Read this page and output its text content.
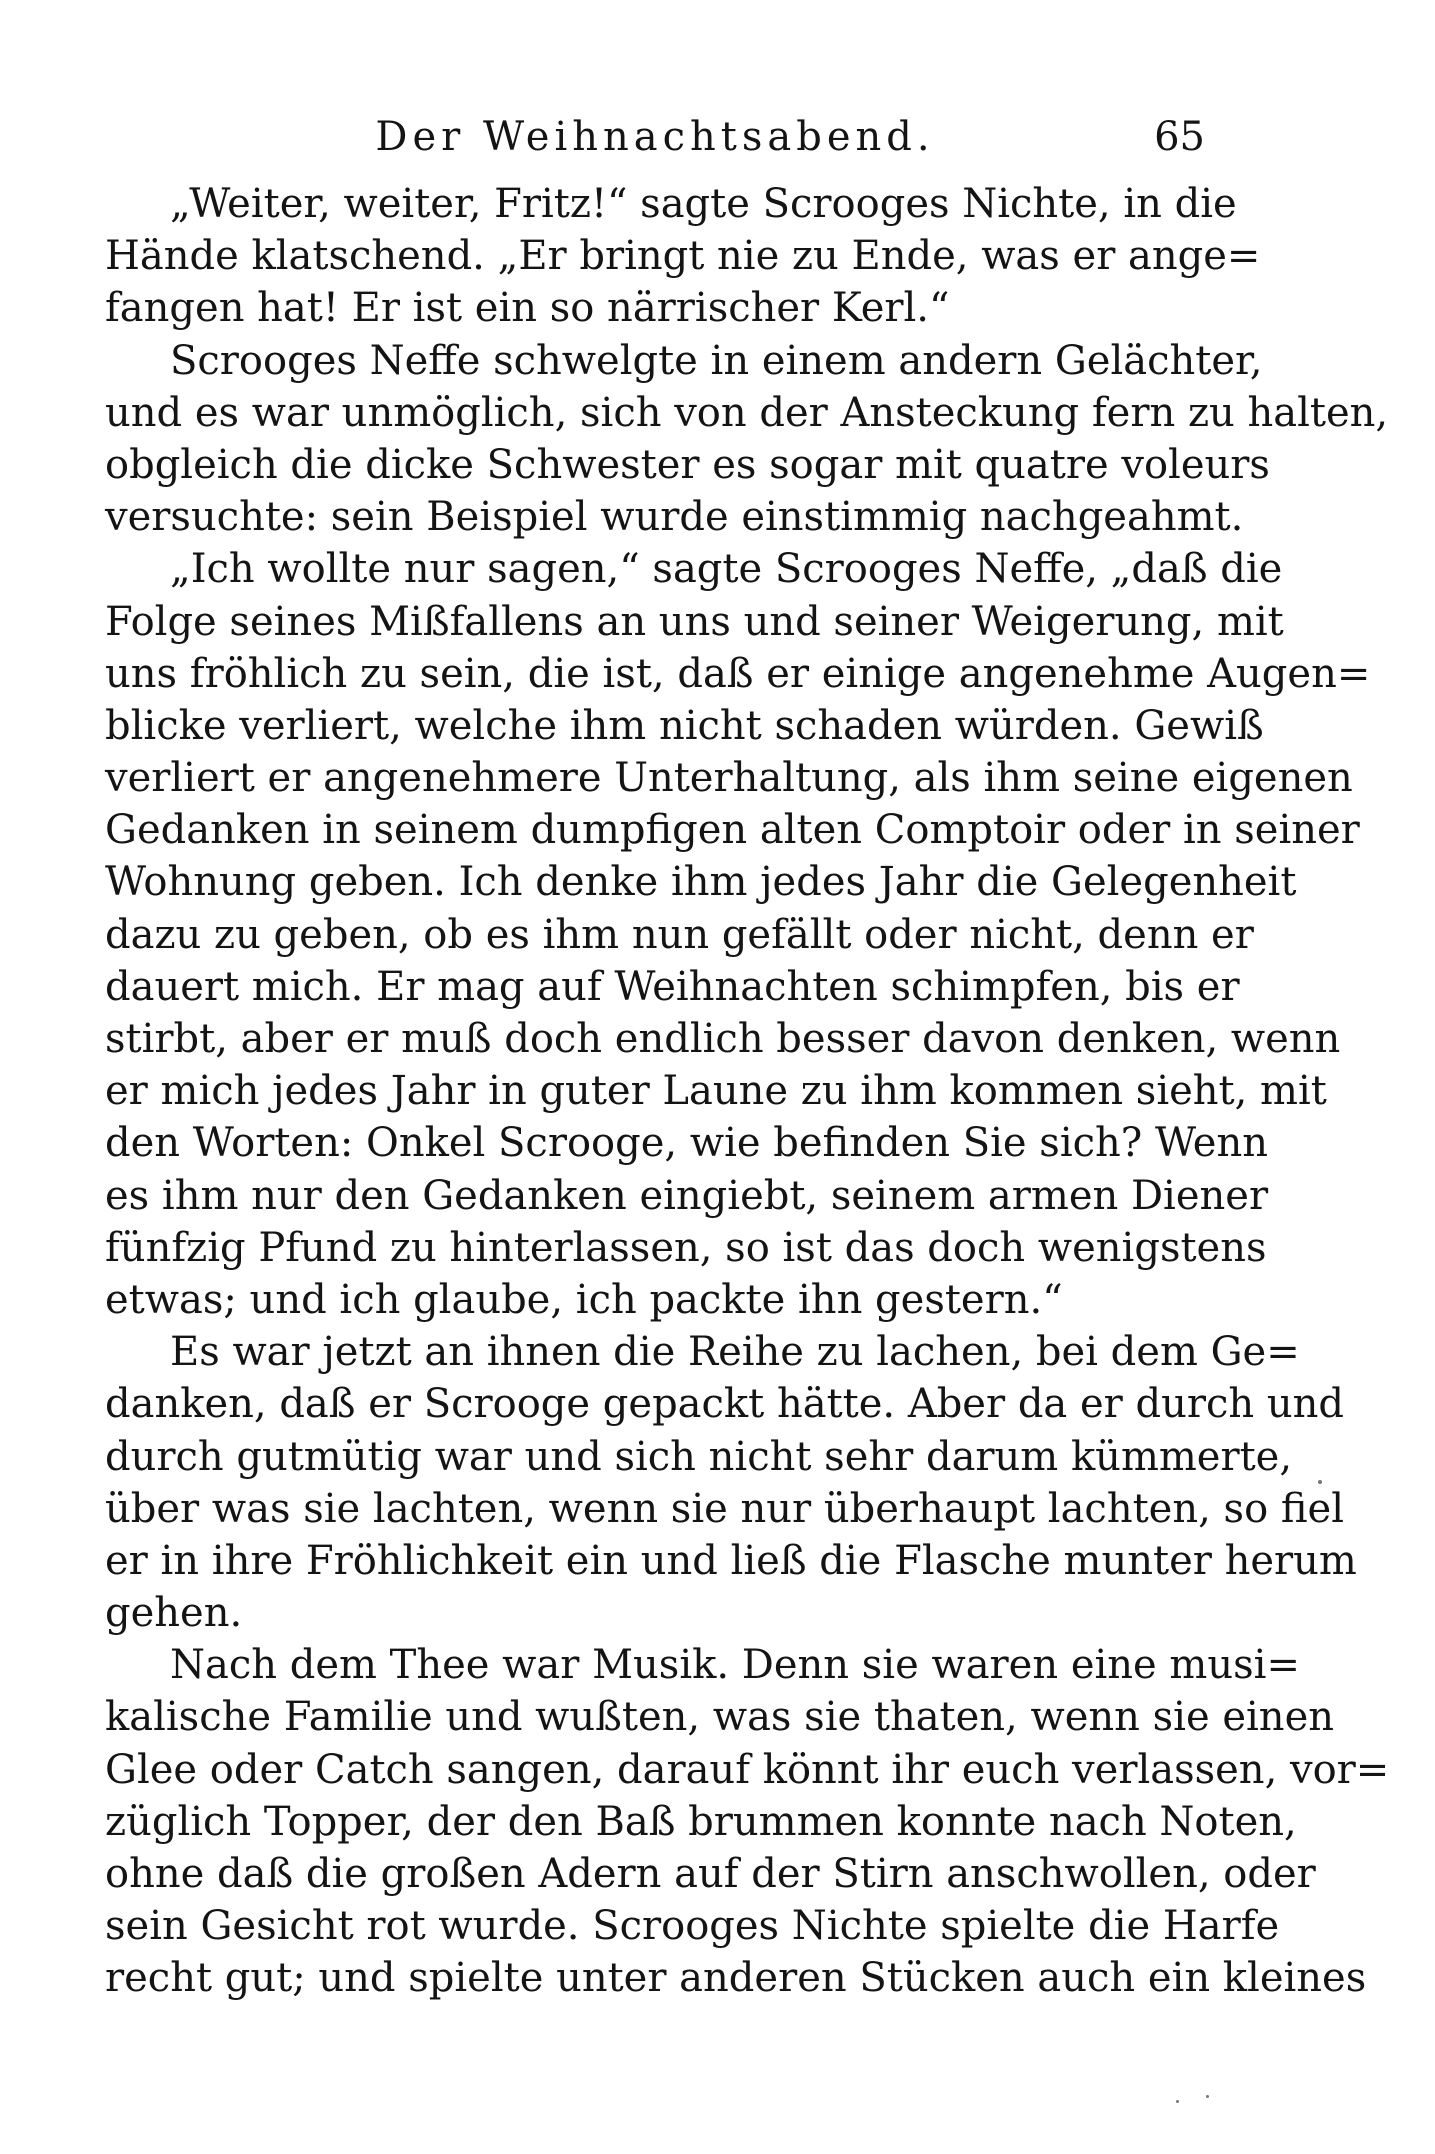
Der Weihnachtsabend.	65
„Weiter, weiter, Fritz!“ sagte Scrooges Nichte, in die
Hände klatschend. „Er bringt nie zu Ende, was er ange=
fangen hat! Er ist ein so närrischer Kerl.“
Scrooges Neffe schwelgte in einem andern Gelächter,
und es war unmöglich, sich von der Ansteckung fern zu halten,
obgleich die dicke Schwester es sogar mit quatre voleurs
versuchte: sein Beispiel wurde einstimmig nachgeahmt.
„Ich wollte nur sagen,“ sagte Scrooges Neffe, „daß die
Folge seines Mißfallens an uns und seiner Weigerung, mit
uns fröhlich zu sein, die ist, daß er einige angenehme Augen=
blicke verliert, welche ihm nicht schaden würden. Gewiß
verliert er angenehmere Unterhaltung, als ihm seine eigenen
Gedanken in seinem dumpfigen alten Comptoir oder in seiner
Wohnung geben. Ich denke ihm jedes Jahr die Gelegenheit
dazu zu geben, ob es ihm nun gefällt oder nicht, denn er
dauert mich. Er mag auf Weihnachten schimpfen, bis er
stirbt, aber er muß doch endlich besser davon denken, wenn
er mich jedes Jahr in guter Laune zu ihm kommen sieht, mit
den Worten: Onkel Scrooge, wie befinden Sie sich? Wenn
es ihm nur den Gedanken eingiebt, seinem armen Diener
fünfzig Pfund zu hinterlassen, so ist das doch wenigstens
etwas; und ich glaube, ich packte ihn gestern.“
Es war jetzt an ihnen die Reihe zu lachen, bei dem Ge=
danken, daß er Scrooge gepackt hätte. Aber da er durch und
durch gutmütig war und sich nicht sehr darum kümmerte,
über was sie lachten, wenn sie nur überhaupt lachten, so fiel
er in ihre Fröhlichkeit ein und ließ die Flasche munter herum
gehen.
Nach dem Thee war Musik. Denn sie waren eine musi=
kalische Familie und wußten, was sie thaten, wenn sie einen
Glee oder Catch sangen, darauf könnt ihr euch verlassen, vor=
züglich Topper, der den Baß brummen konnte nach Noten,
ohne daß die großen Adern auf der Stirn anschwollen, oder
sein Gesicht rot wurde. Scrooges Nichte spielte die Harfe
recht gut; und spielte unter anderen Stücken auch ein kleines
